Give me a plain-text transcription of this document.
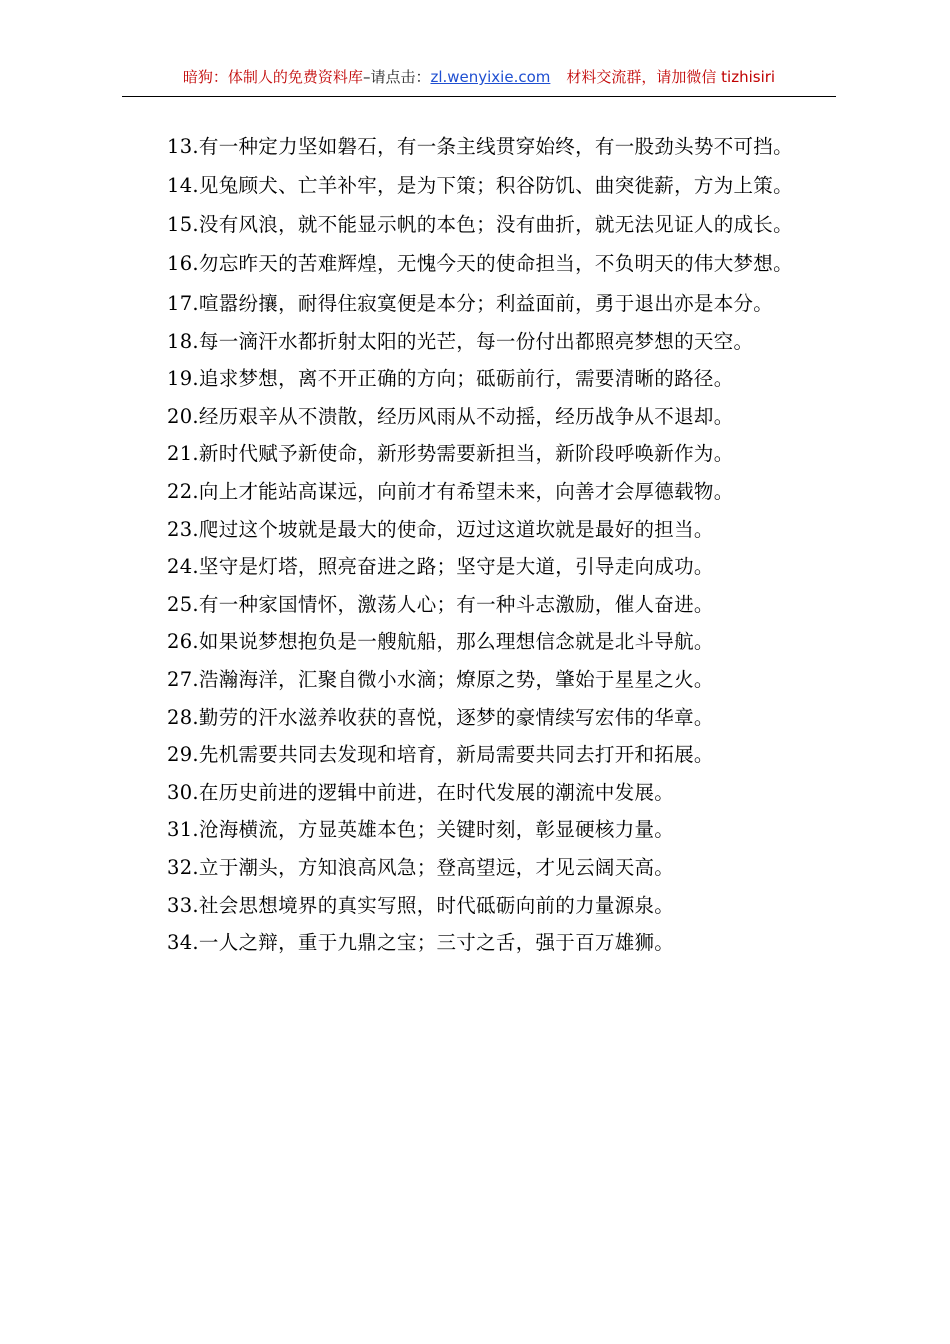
暗狗：体制人的免费资料库–请点击：zl.wenyixie.com 材料交流群，请加微信 tizhisiri

13.有一种定力坚如磐石，有一条主线贯穿始终，有一股劲头势不可挡。

14.见兔顾犬、亡羊补牢，是为下策；积谷防饥、曲突徙薪，方为上策。

15.没有风浪，就不能显示帆的本色；没有曲折，就无法见证人的成长。

16.勿忘昨天的苦难辉煌，无愧今天的使命担当，不负明天的伟大梦想。

17.喧嚣纷攘，耐得住寂寞便是本分；利益面前，勇于退出亦是本分。

18.每一滴汗水都折射太阳的光芒，每一份付出都照亮梦想的天空。

19.追求梦想，离不开正确的方向；砥砺前行，需要清晰的路径。

20.经历艰辛从不溃散，经历风雨从不动摇，经历战争从不退却。

21.新时代赋予新使命，新形势需要新担当，新阶段呼唤新作为。

22.向上才能站高谋远，向前才有希望未来，向善才会厚德载物。

23.爬过这个坡就是最大的使命，迈过这道坎就是最好的担当。

24.坚守是灯塔，照亮奋进之路；坚守是大道，引导走向成功。

25.有一种家国情怀，激荡人心；有一种斗志激励，催人奋进。

26.如果说梦想抱负是一艘航船，那么理想信念就是北斗导航。

27.浩瀚海洋，汇聚自微小水滴；燎原之势，肇始于星星之火。

28.勤劳的汗水滋养收获的喜悦，逐梦的豪情续写宏伟的华章。

29.先机需要共同去发现和培育，新局需要共同去打开和拓展。

30.在历史前进的逻辑中前进，在时代发展的潮流中发展。

31.沧海横流，方显英雄本色；关键时刻，彰显硬核力量。

32.立于潮头，方知浪高风急；登高望远，才见云阔天高。

33.社会思想境界的真实写照，时代砥砺向前的力量源泉。

34.一人之辩，重于九鼎之宝；三寸之舌，强于百万雄狮。
